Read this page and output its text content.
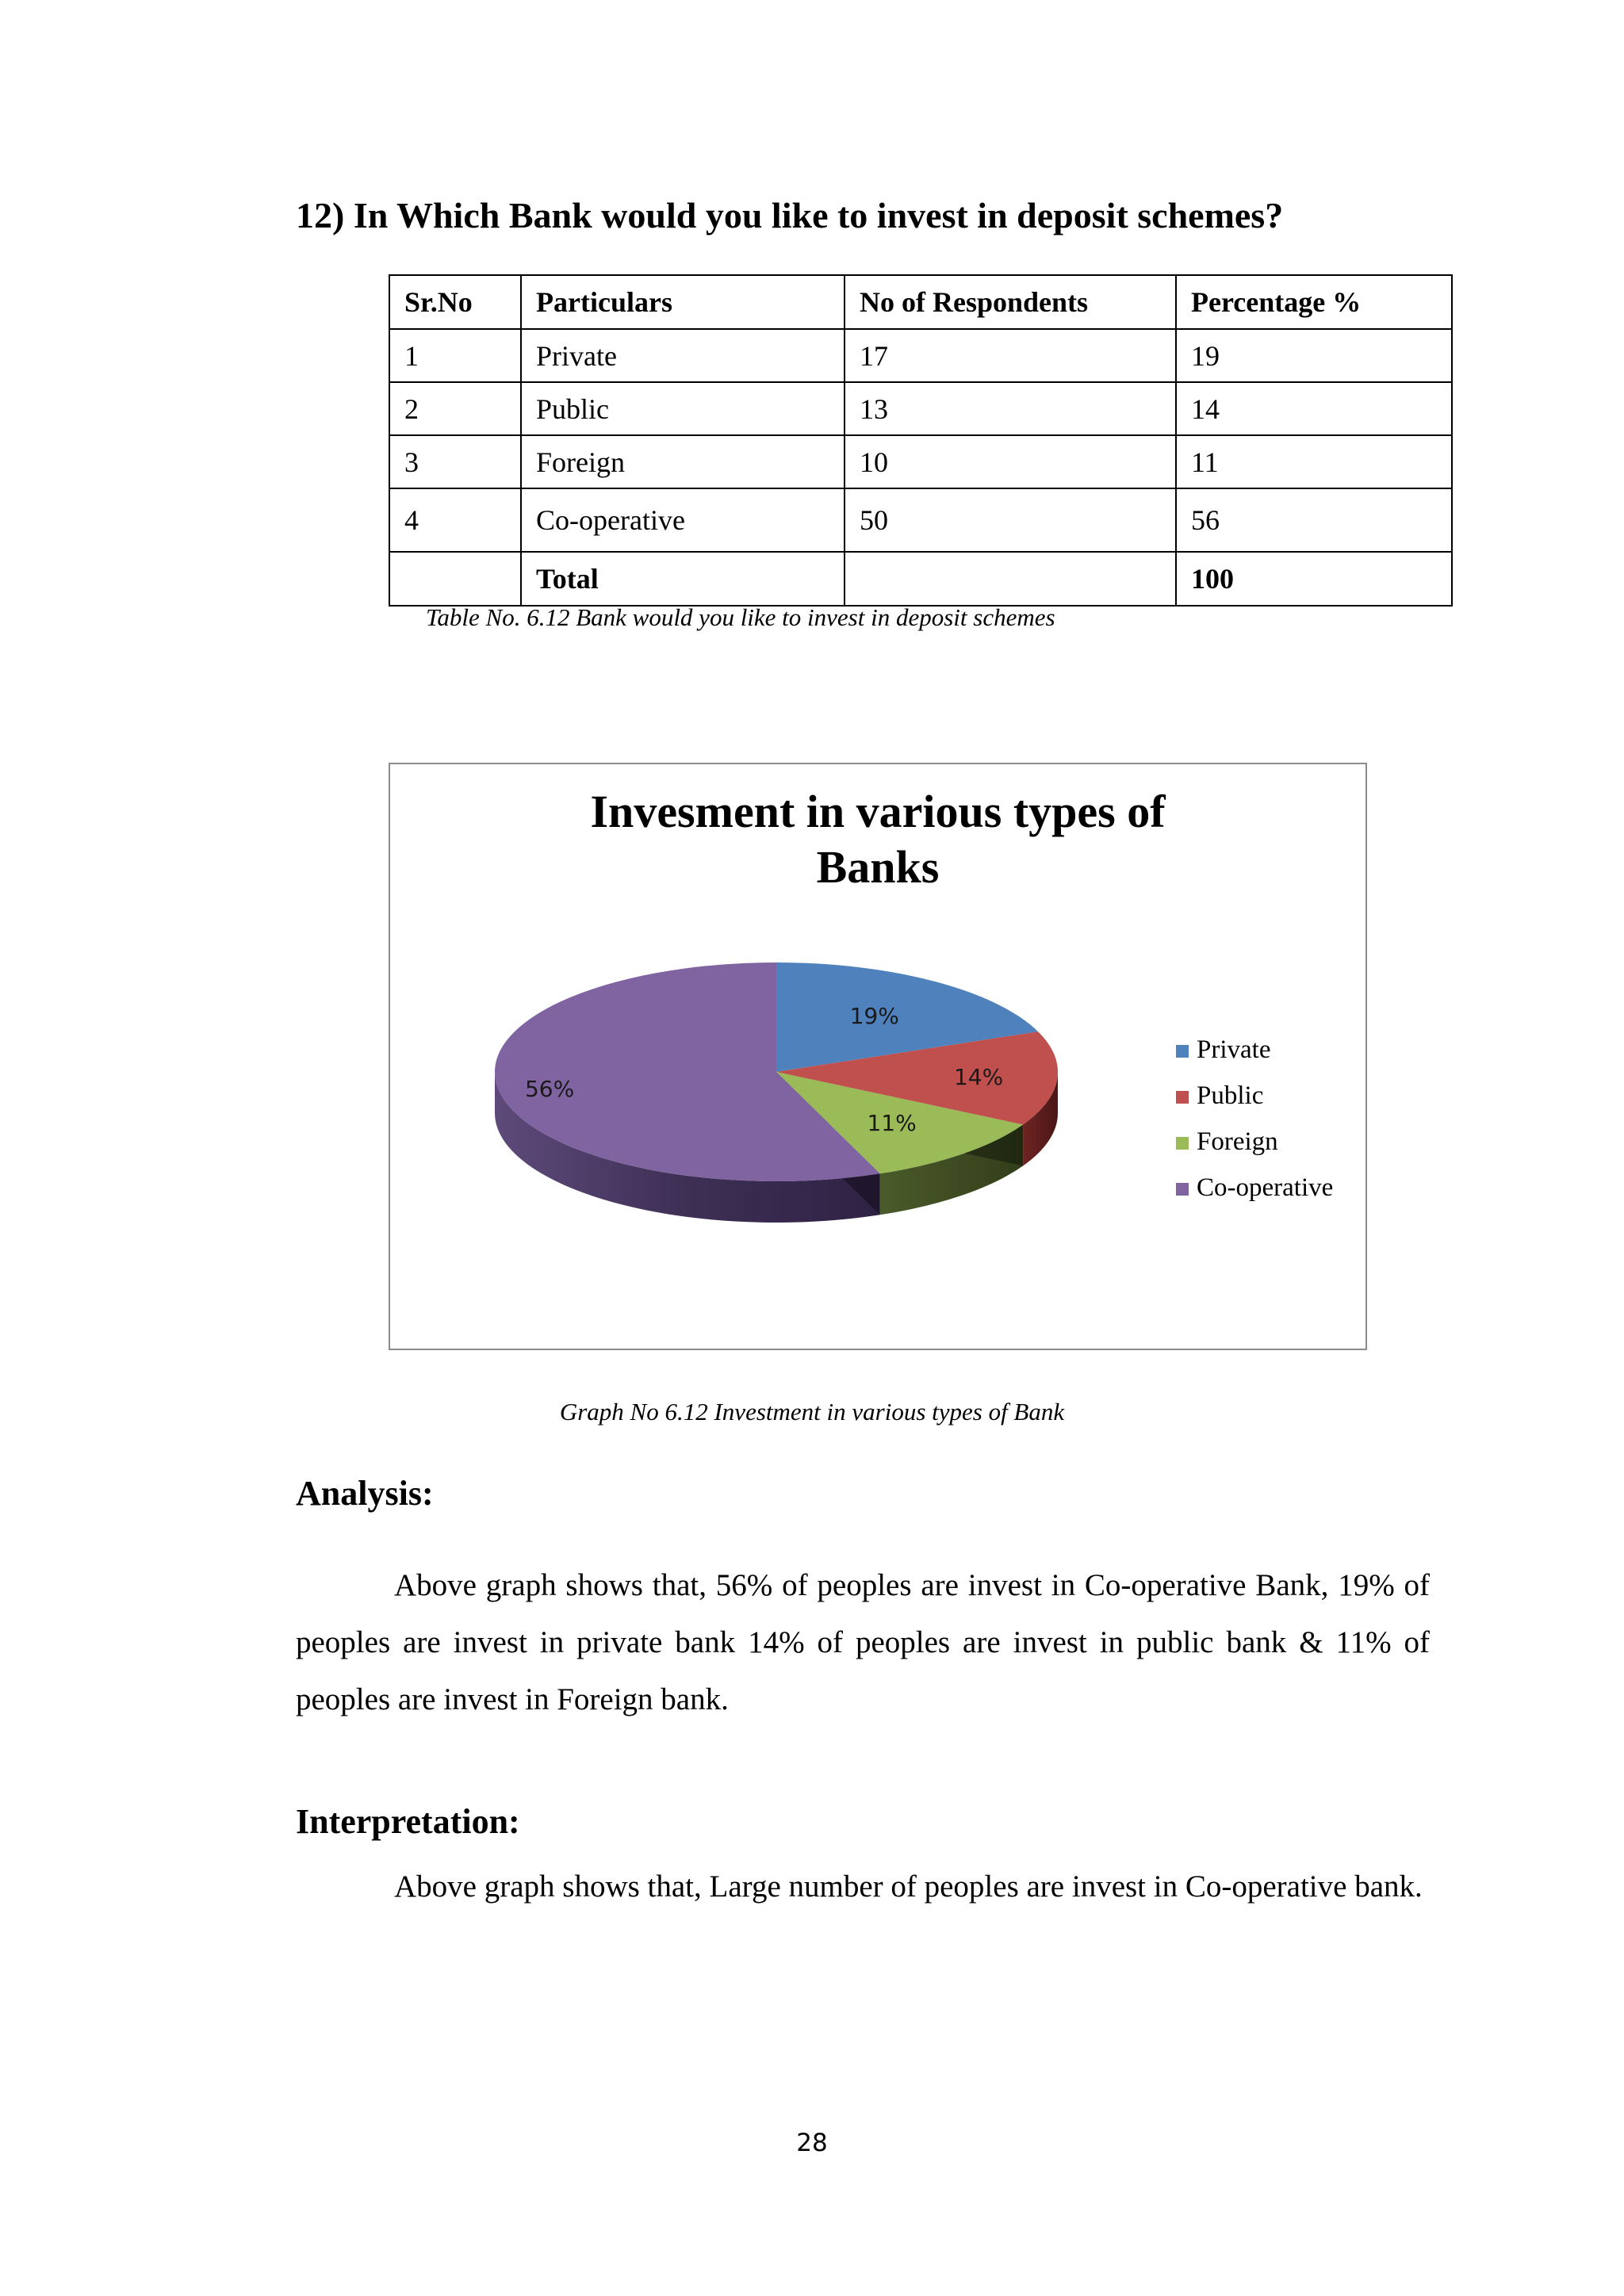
12) In Which Bank would you like to invest in deposit schemes?
Sr.No	Particulars	No of Respondents	Percentage %
1	Private	17	19
2	Public	13	14
3	Foreign	10	11
4	Co-operative	50	56
	Total		100
Table No. 6.12 Bank would you like to invest in deposit schemes
Invesment in various types of
Banks
19%
14%
11%
56%
Private
Public
Foreign
Co-operative
Graph No 6.12 Investment in various types of Bank
Analysis:
Above graph shows that, 56% of peoples are invest in Co-operative Bank, 19% of peoples are invest in private bank 14% of peoples are invest in public bank & 11% of peoples are invest in Foreign bank.
Interpretation:
Above graph shows that, Large number of peoples are invest in Co-operative bank.
28
